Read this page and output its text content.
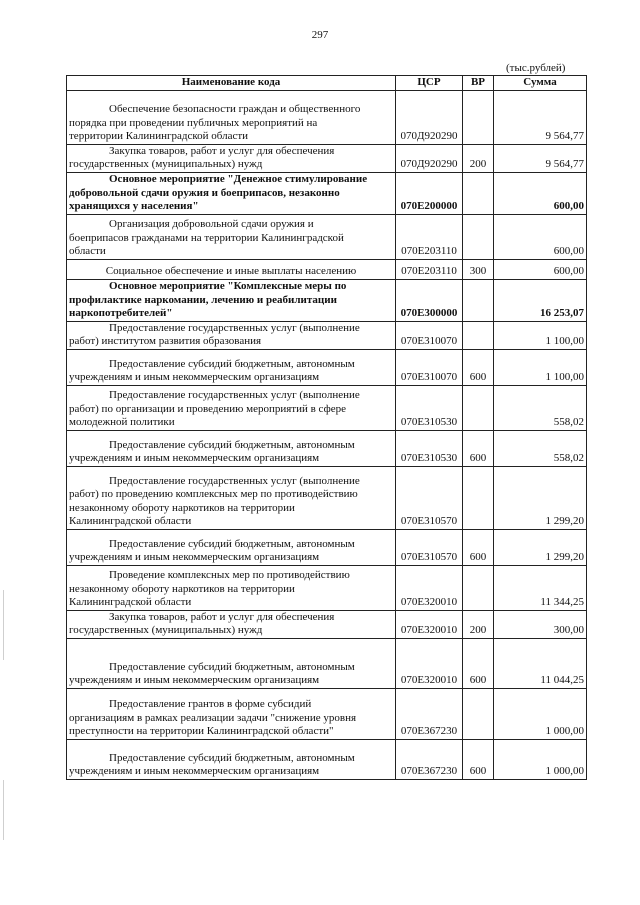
297
(тыс.рублей)
Наименование кода	ЦСР	ВР	Сумма

Обеспечение безопасности граждан и общественного
порядка при проведении публичных мероприятий на
территории Калининградской области	070Д920290		9 564,77

Закупка товаров, работ и услуг для обеспечения
государственных (муниципальных) нужд	070Д920290	200	9 564,77

Основное мероприятие "Денежное стимулирование
добровольной сдачи оружия и боеприпасов, незаконно
хранящихся у населения"	070Е200000		600,00

Организация добровольной сдачи оружия и
боеприпасов гражданами на территории Калининградской
области	070Е203110		600,00

Социальное обеспечение и иные выплаты населению	070Е203110	300	600,00

Основное мероприятие "Комплексные меры по
профилактике наркомании, лечению и реабилитации
наркопотребителей"	070Е300000		16 253,07

Предоставление государственных услуг (выполнение
работ) институтом развития образования	070Е310070		1 100,00

Предоставление субсидий бюджетным, автономным
учреждениям и иным некоммерческим организациям	070Е310070	600	1 100,00

Предоставление государственных услуг (выполнение
работ) по организации и проведению мероприятий в сфере
молодежной политики	070Е310530		558,02

Предоставление субсидий бюджетным, автономным
учреждениям и иным некоммерческим организациям	070Е310530	600	558,02

Предоставление государственных услуг (выполнение
работ) по проведению комплексных мер по противодействию
незаконному обороту наркотиков на территории
Калининградской области	070Е310570		1 299,20

Предоставление субсидий бюджетным, автономным
учреждениям и иным некоммерческим организациям	070Е310570	600	1 299,20

Проведение комплексных мер по противодействию
незаконному обороту наркотиков на территории
Калининградской области	070Е320010		11 344,25

Закупка товаров, работ и услуг для обеспечения
государственных (муниципальных) нужд	070Е320010	200	300,00

Предоставление субсидий бюджетным, автономным
учреждениям и иным некоммерческим организациям	070Е320010	600	11 044,25

Предоставление грантов в форме субсидий
организациям в рамках реализации задачи "снижение уровня
преступности на территории Калининградской области"	070Е367230		1 000,00

Предоставление субсидий бюджетным, автономным
учреждениям и иным некоммерческим организациям	070Е367230	600	1 000,00
